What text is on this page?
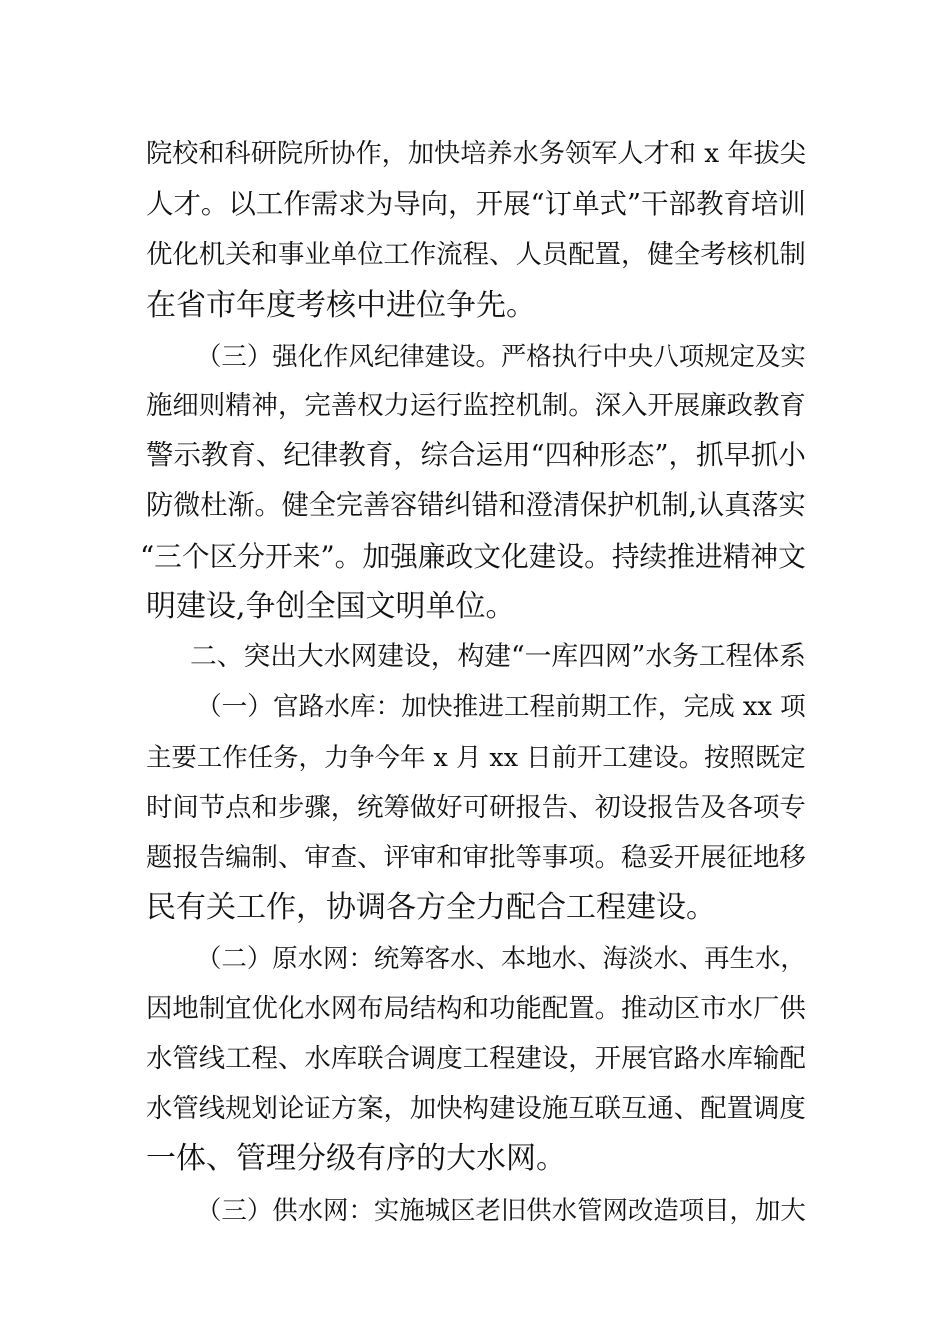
院校和科研院所协作，加快培养水务领军人才和 x 年拔尖
人才。以工作需求为导向，开展“订单式”干部教育培训
优化机关和事业单位工作流程、人员配置，健全考核机制
在省市年度考核中进位争先。
（三）强化作风纪律建设。严格执行中央八项规定及实
施细则精神，完善权力运行监控机制。深入开展廉政教育
警示教育、纪律教育，综合运用“四种形态”，抓早抓小
防微杜渐。健全完善容错纠错和澄清保护机制,认真落实
“三个区分开来”。加强廉政文化建设。持续推进精神文
明建设,争创全国文明单位。
二、突出大水网建设，构建“一库四网”水务工程体系
（一）官路水库：加快推进工程前期工作，完成 xx 项
主要工作任务，力争今年 x 月 xx 日前开工建设。按照既定
时间节点和步骤，统筹做好可研报告、初设报告及各项专
题报告编制、审查、评审和审批等事项。稳妥开展征地移
民有关工作，协调各方全力配合工程建设。
（二）原水网：统筹客水、本地水、海淡水、再生水，
因地制宜优化水网布局结构和功能配置。推动区市水厂供
水管线工程、水库联合调度工程建设，开展官路水库输配
水管线规划论证方案，加快构建设施互联互通、配置调度
一体、管理分级有序的大水网。
（三）供水网：实施城区老旧供水管网改造项目，加大
